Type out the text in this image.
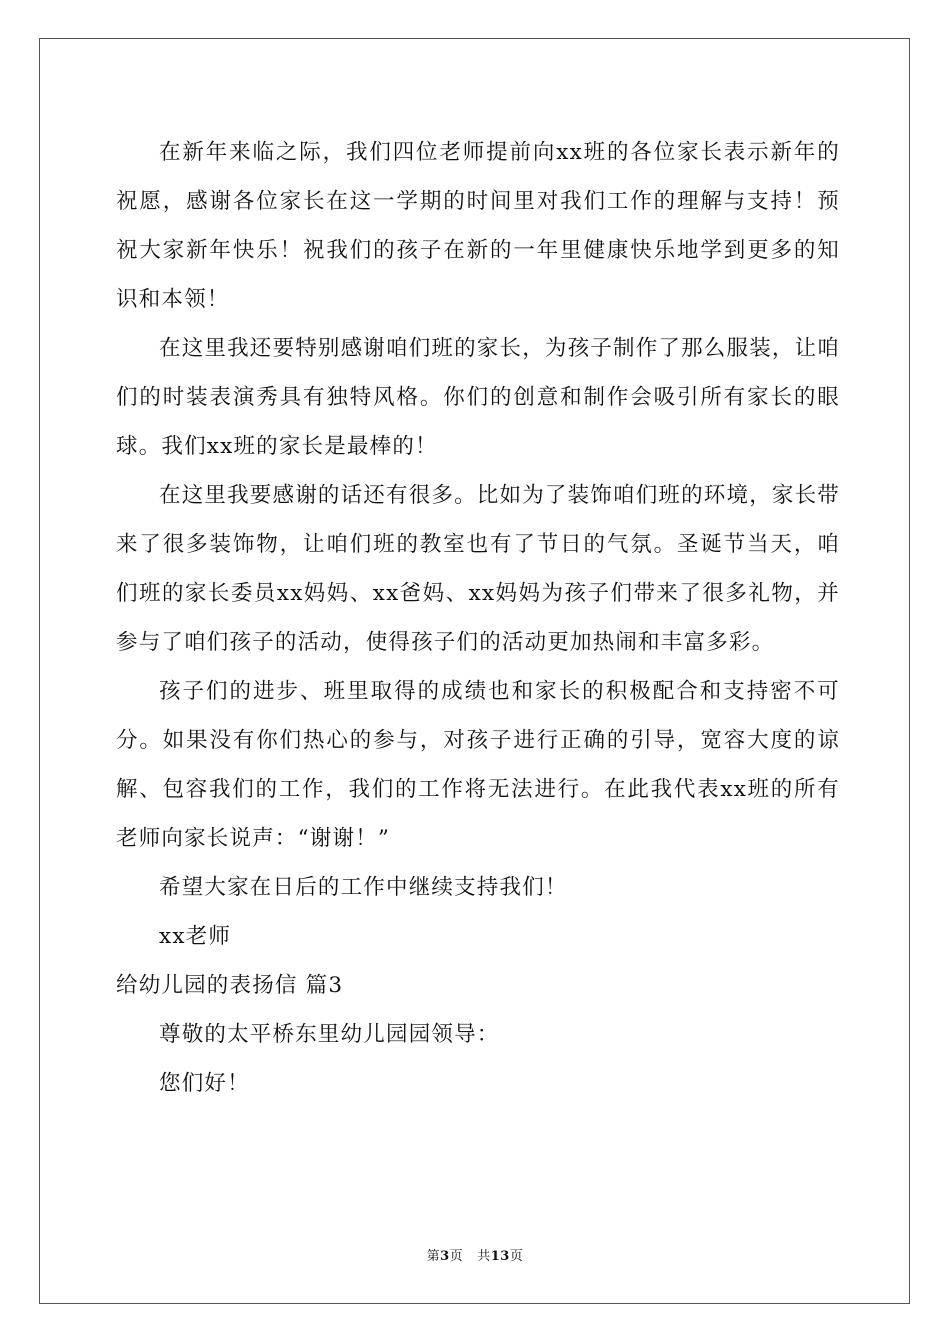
在新年来临之际，我们四位老师提前向xx班的各位家长表示新年的祝愿，感谢各位家长在这一学期的时间里对我们工作的理解与支持！预祝大家新年快乐！祝我们的孩子在新的一年里健康快乐地学到更多的知识和本领！

在这里我还要特别感谢咱们班的家长，为孩子制作了那么服装，让咱们的时装表演秀具有独特风格。你们的创意和制作会吸引所有家长的眼球。我们xx班的家长是最棒的！

在这里我要感谢的话还有很多。比如为了装饰咱们班的环境，家长带来了很多装饰物，让咱们班的教室也有了节日的气氛。圣诞节当天，咱们班的家长委员xx妈妈、xx爸妈、xx妈妈为孩子们带来了很多礼物，并参与了咱们孩子的活动，使得孩子们的活动更加热闹和丰富多彩。

孩子们的进步、班里取得的成绩也和家长的积极配合和支持密不可分。如果没有你们热心的参与，对孩子进行正确的引导，宽容大度的谅解、包容我们的工作，我们的工作将无法进行。在此我代表xx班的所有老师向家长说声：“谢谢！”

希望大家在日后的工作中继续支持我们！

xx老师

给幼儿园的表扬信 篇3

尊敬的太平桥东里幼儿园园领导：

您们好！

第3页 共13页
